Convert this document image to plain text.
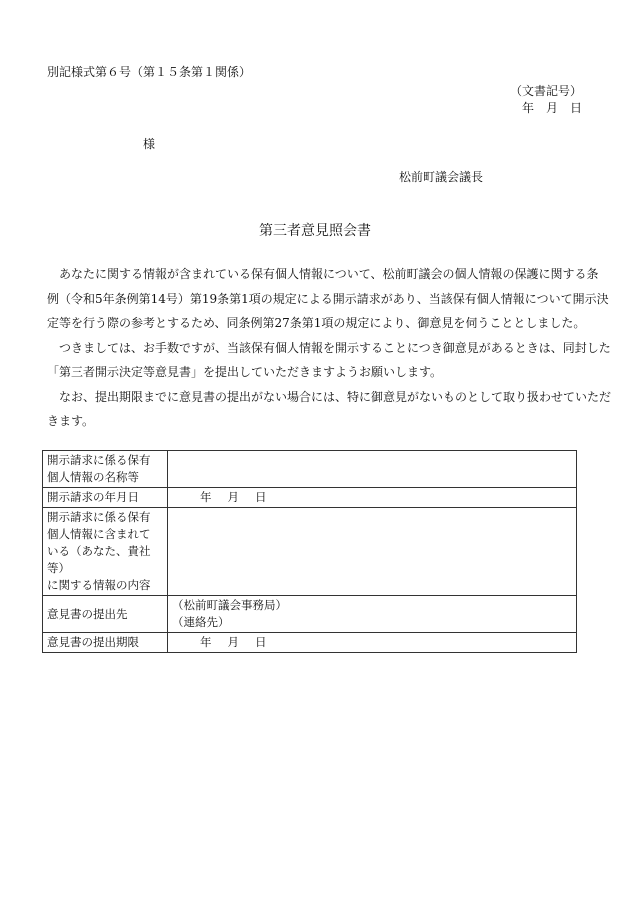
別記様式第６号（第１５条第１関係）
（文書記号）
年 月 日
様
松前町議会議長
第三者意見照会書

　あなたに関する情報が含まれている保有個人情報について、松前町議会の個人情報の保護に関する条

例（令和5年条例第14号）第19条第1項の規定による開示請求があり、当該保有個人情報について開示決

定等を行う際の参考とするため、同条例第27条第1項の規定により、御意見を伺うこととしました。

　つきましては、お手数ですが、当該保有個人情報を開示することにつき御意見があるときは、同封した

「第三者開示決定等意見書」を提出していただきますようお願いします。

　なお、提出期限までに意見書の提出がない場合には、特に御意見がないものとして取り扱わせていただ

きます。

開示請求に係る保有
個人情報の名称等	

開示請求の年月日	年 月 日

開示請求に係る保有
個人情報に含まれて
いる（あなた、貴社等）
に関する情報の内容	

意見書の提出先	（松前町議会事務局）
（連絡先）

意見書の提出期限	年 月 日
